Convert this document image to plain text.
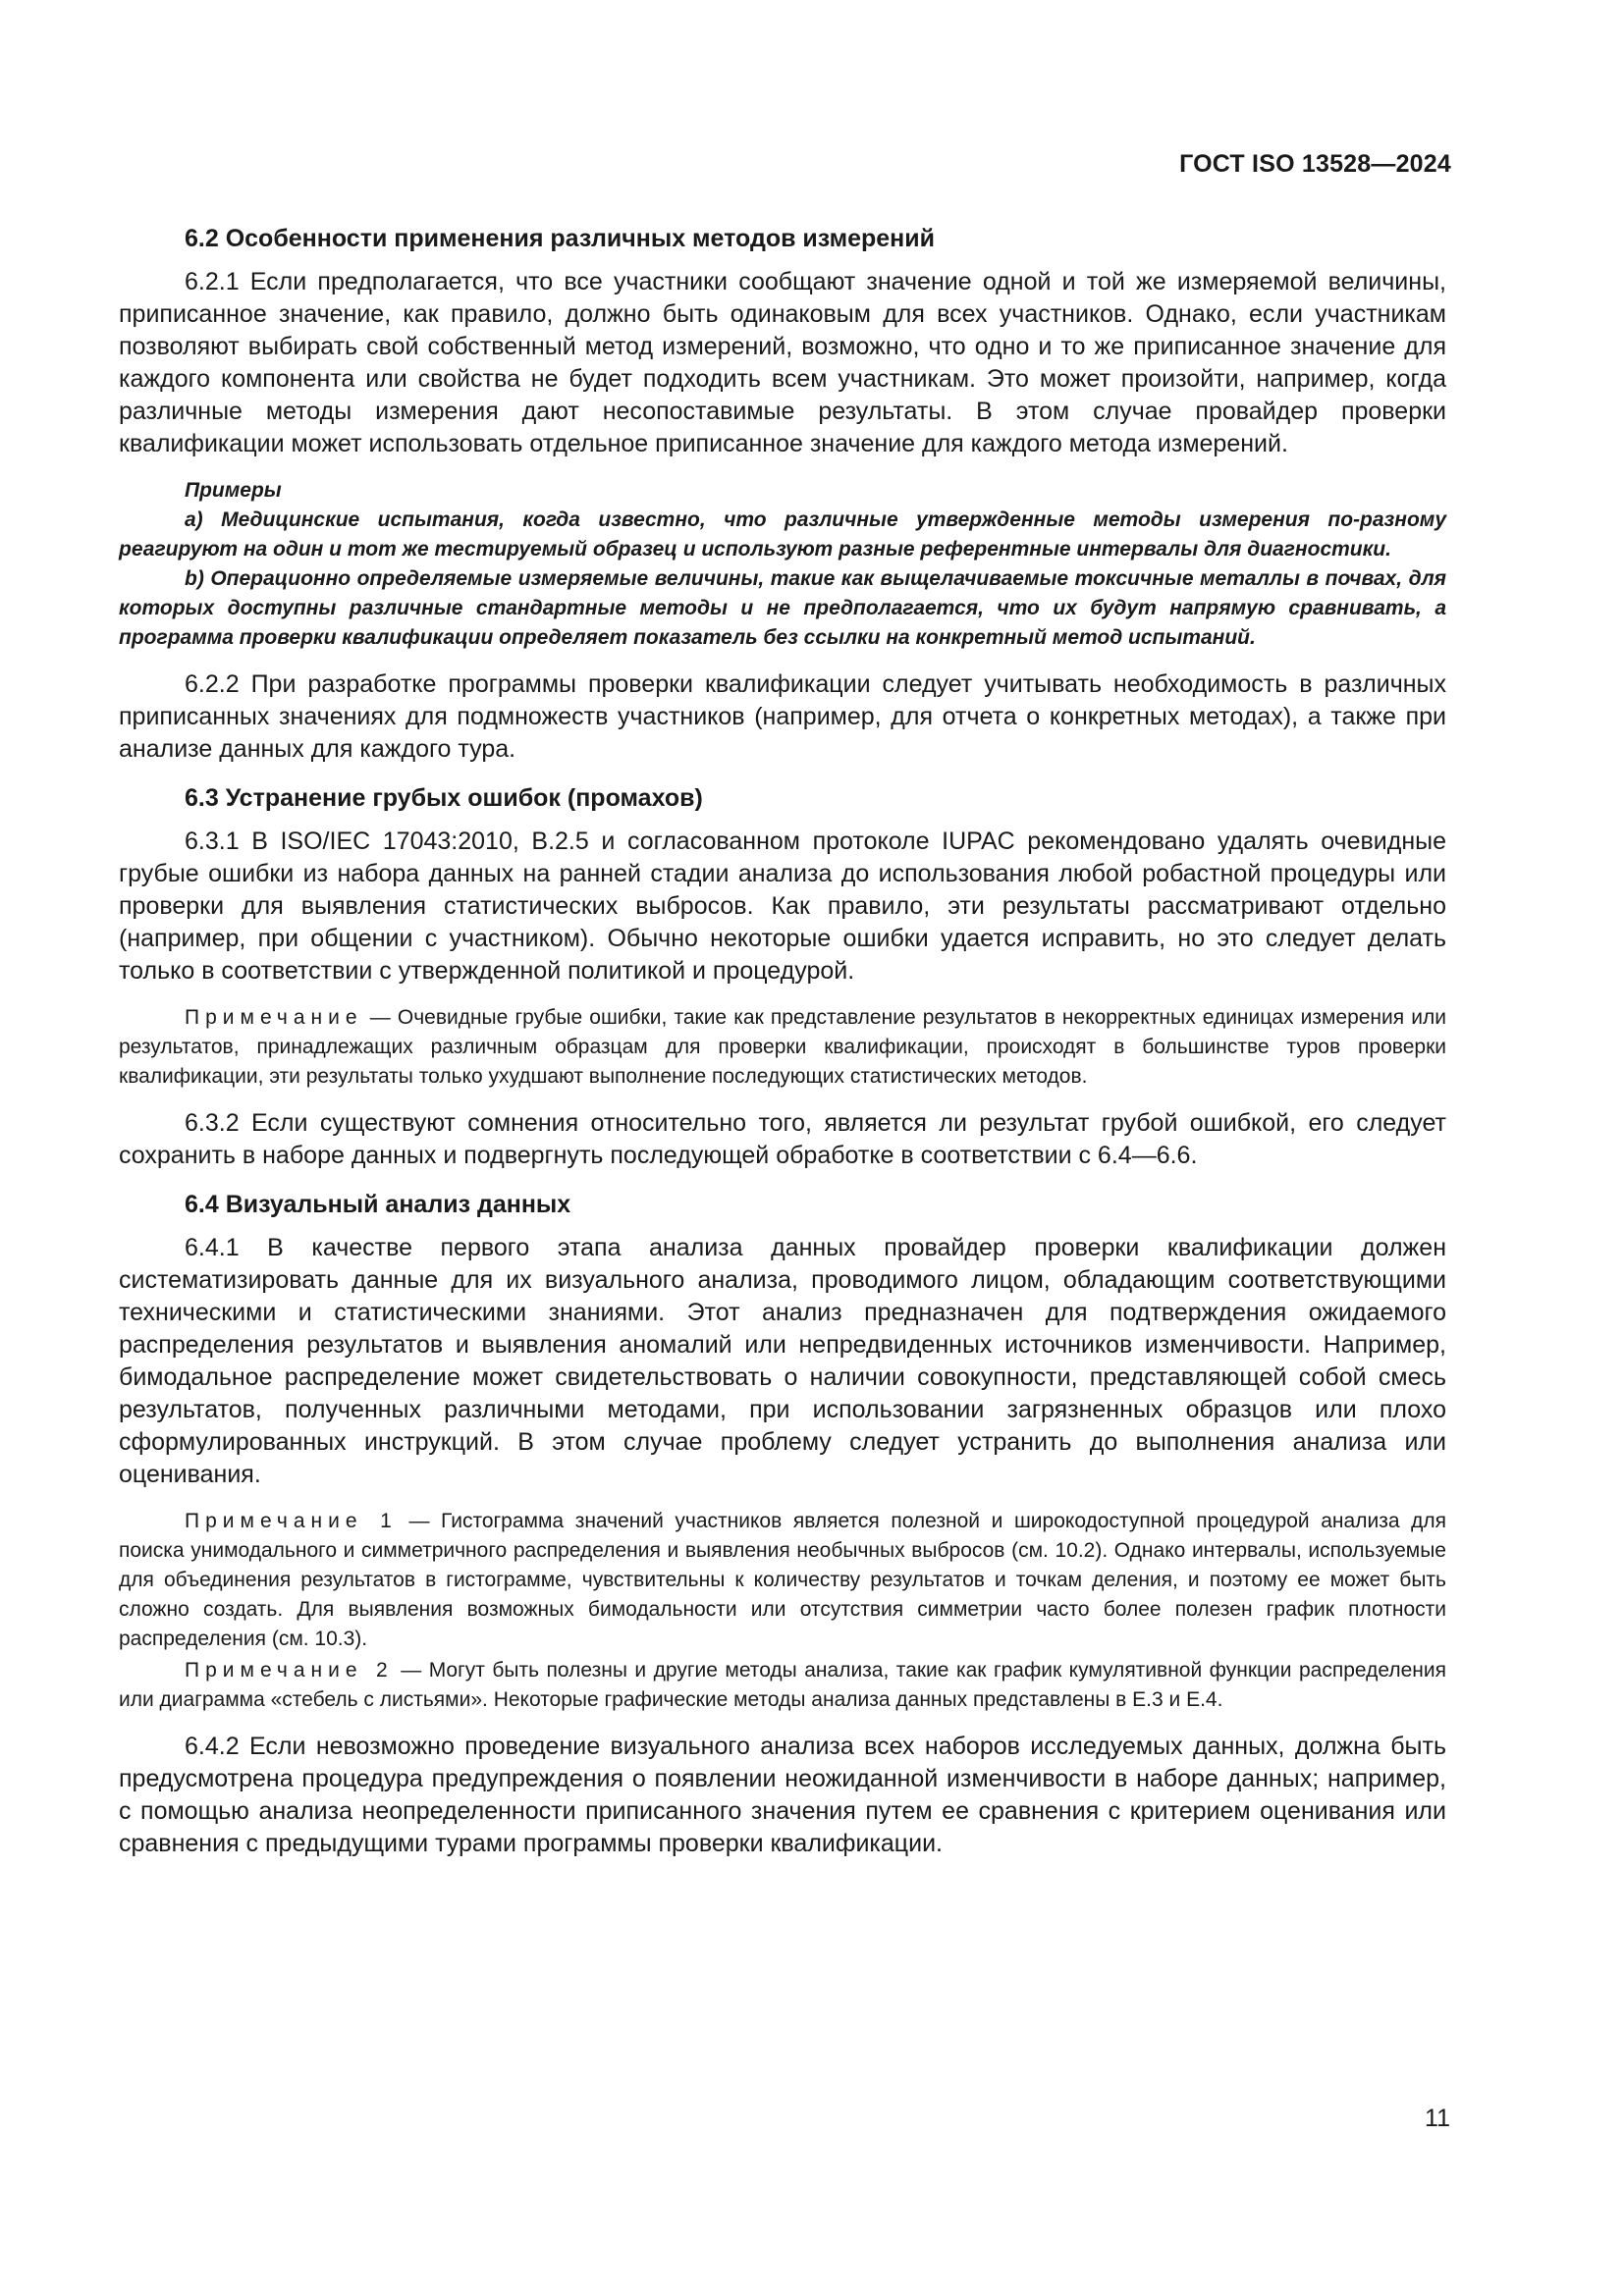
ГОСТ ISO 13528—2024
6.2 Особенности применения различных методов измерений

6.2.1 Если предполагается, что все участники сообщают значение одной и той же измеряемой величины, приписанное значение, как правило, должно быть одинаковым для всех участников. Однако, если участникам позволяют выбирать свой собственный метод измерений, возможно, что одно и то же приписанное значение для каждого компонента или свойства не будет подходить всем участникам. Это может произойти, например, когда различные методы измерения дают несопоставимые результаты. В этом случае провайдер проверки квалификации может использовать отдельное приписанное значение для каждого метода измерений.

Примеры

a) Медицинские испытания, когда известно, что различные утвержденные методы измерения по-разному реагируют на один и тот же тестируемый образец и используют разные референтные интервалы для диагностики.

b) Операционно определяемые измеряемые величины, такие как выщелачиваемые токсичные металлы в почвах, для которых доступны различные стандартные методы и не предполагается, что их будут напрямую сравнивать, а программа проверки квалификации определяет показатель без ссылки на конкретный метод испытаний.

6.2.2 При разработке программы проверки квалификации следует учитывать необходимость в различных приписанных значениях для подмножеств участников (например, для отчета о конкретных методах), а также при анализе данных для каждого тура.

6.3 Устранение грубых ошибок (промахов)

6.3.1 В ISO/IEC 17043:2010, B.2.5 и согласованном протоколе IUPAC рекомендовано удалять очевидные грубые ошибки из набора данных на ранней стадии анализа до использования любой робастной процедуры или проверки для выявления статистических выбросов. Как правило, эти результаты рассматривают отдельно (например, при общении с участником). Обычно некоторые ошибки удается исправить, но это следует делать только в соответствии с утвержденной политикой и процедурой.

Примечание — Очевидные грубые ошибки, такие как представление результатов в некорректных единицах измерения или результатов, принадлежащих различным образцам для проверки квалификации, происходят в большинстве туров проверки квалификации, эти результаты только ухудшают выполнение последующих статистических методов.

6.3.2 Если существуют сомнения относительно того, является ли результат грубой ошибкой, его следует сохранить в наборе данных и подвергнуть последующей обработке в соответствии с 6.4—6.6.

6.4 Визуальный анализ данных

6.4.1 В качестве первого этапа анализа данных провайдер проверки квалификации должен систематизировать данные для их визуального анализа, проводимого лицом, обладающим соответствующими техническими и статистическими знаниями. Этот анализ предназначен для подтверждения ожидаемого распределения результатов и выявления аномалий или непредвиденных источников изменчивости. Например, бимодальное распределение может свидетельствовать о наличии совокупности, представляющей собой смесь результатов, полученных различными методами, при использовании загрязненных образцов или плохо сформулированных инструкций. В этом случае проблему следует устранить до выполнения анализа или оценивания.

Примечание 1 — Гистограмма значений участников является полезной и широкодоступной процедурой анализа для поиска унимодального и симметричного распределения и выявления необычных выбросов (см. 10.2). Однако интервалы, используемые для объединения результатов в гистограмме, чувствительны к количеству результатов и точкам деления, и поэтому ее может быть сложно создать. Для выявления возможных бимодальности или отсутствия симметрии часто более полезен график плотности распределения (см. 10.3).

Примечание 2 — Могут быть полезны и другие методы анализа, такие как график кумулятивной функции распределения или диаграмма «стебель с листьями». Некоторые графические методы анализа данных представлены в Е.3 и Е.4.

6.4.2 Если невозможно проведение визуального анализа всех наборов исследуемых данных, должна быть предусмотрена процедура предупреждения о появлении неожиданной изменчивости в наборе данных; например, с помощью анализа неопределенности приписанного значения путем ее сравнения с критерием оценивания или сравнения с предыдущими турами программы проверки квалификации.

11
